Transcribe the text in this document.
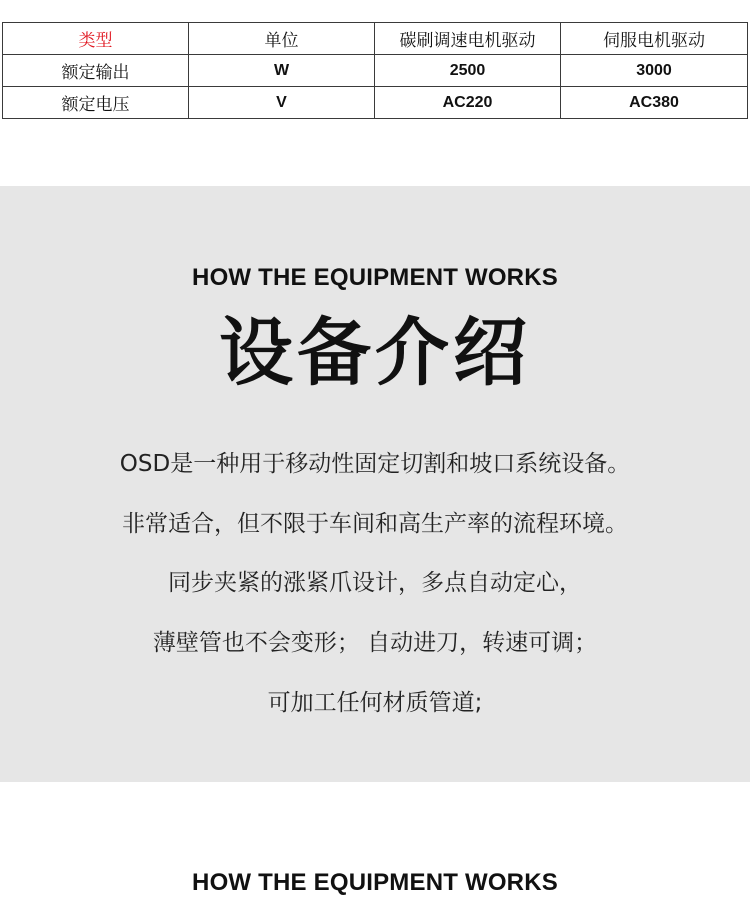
类型	单位	碳刷调速电机驱动	伺服电机驱动
额定输出	W	2500	3000
额定电压	V	AC220	AC380
HOW THE EQUIPMENT WORKS
设备介绍
OSD是一种用于移动性固定切割和坡口系统设备。
非常适合，但不限于车间和高生产率的流程环境。
同步夹紧的涨紧爪设计，多点自动定心，
薄壁管也不会变形； 自动进刀，转速可调；
可加工任何材质管道;
HOW THE EQUIPMENT WORKS
